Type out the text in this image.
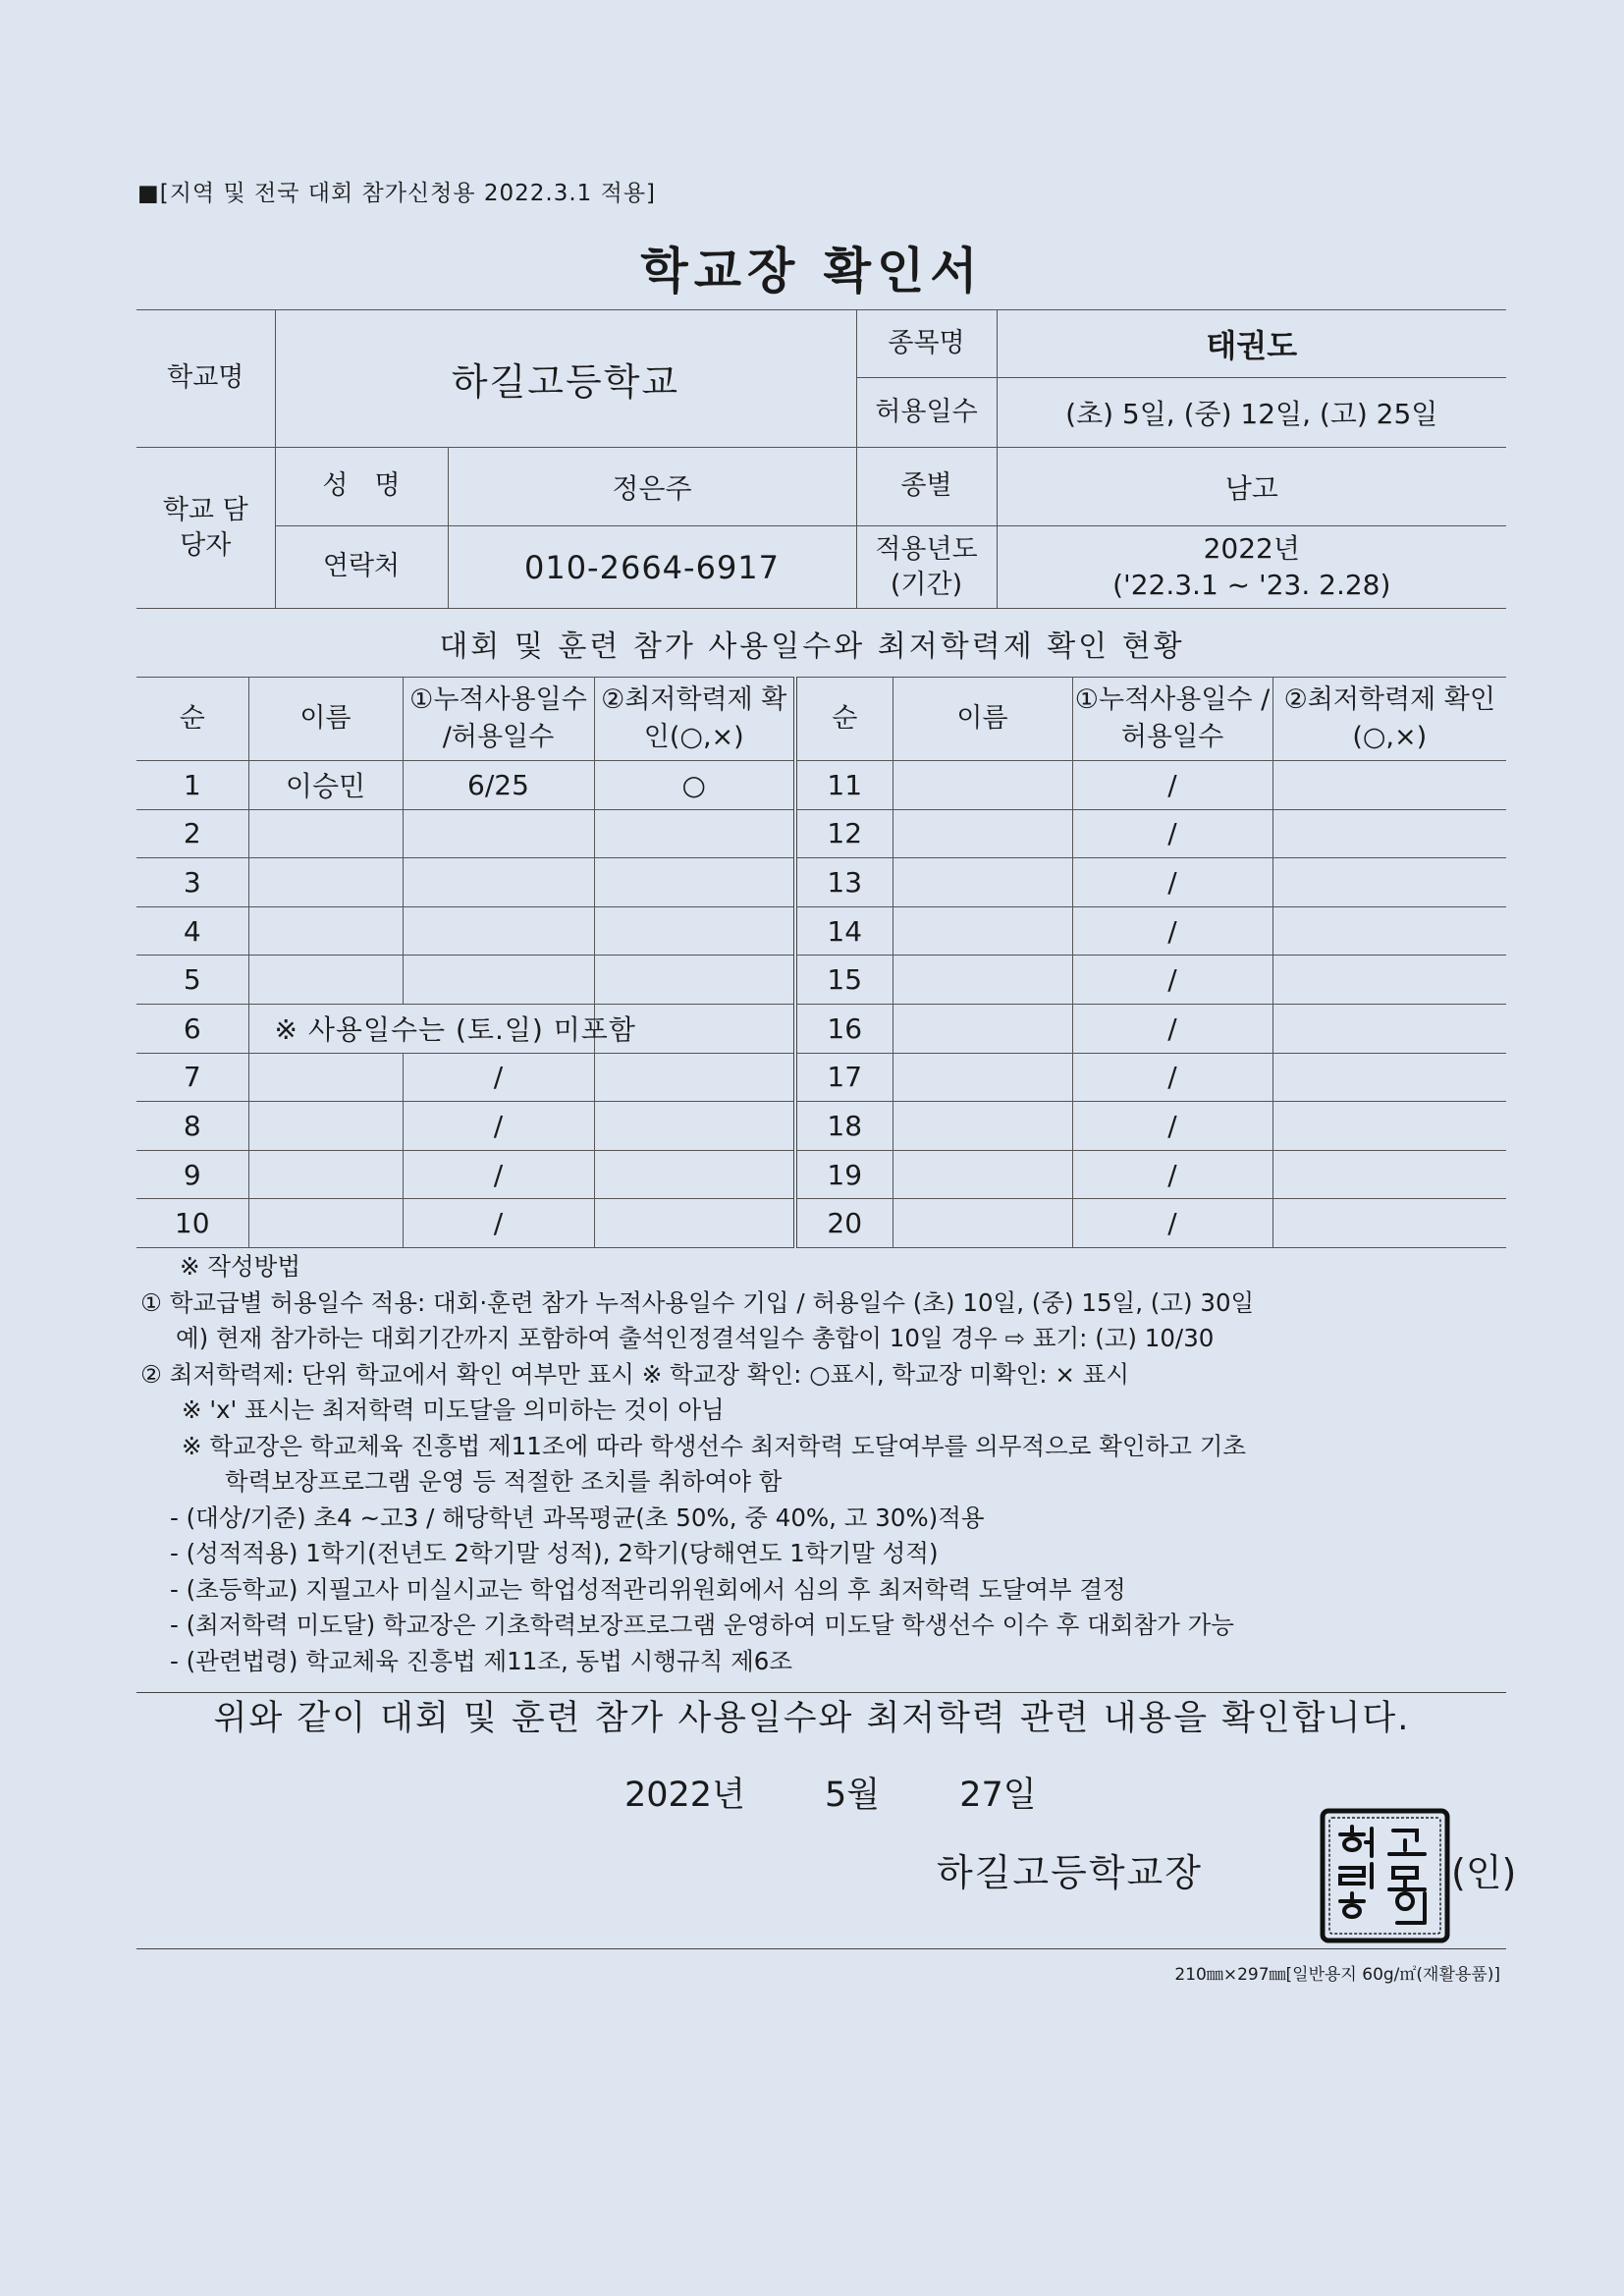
■[지역 및 전국 대회 참가신청용 2022.3.1 적용]
학교장 확인서
학교명	하길고등학교		종목명	태권도
			허용일수	(초) 5일, (중) 12일, (고) 25일
학교 담당자	성　명	정은주	종별	남고
	연락처	010-2664-6917	적용년도 (기간)	2022년
('22.3.1 ~ '23. 2.28)
대회 및 훈련 참가 사용일수와 최저학력제 확인 현황
순	이름	①누적사용일수 /허용일수	②최저학력제 확인(○,×)	순	이름	①누적사용일수 /허용일수	②최저학력제 확인(○,×)
1	이승민	6/25	○	11		/	
2				12		/	
3				13		/	
4				14		/	
5				15		/	
6	※ 사용일수는 (토.일) 미포함			16		/	
7		/		17		/	
8		/		18		/	
9		/		19		/	
10		/		20		/	
※ 작성방법
① 학교급별 허용일수 적용: 대회·훈련 참가 누적사용일수 기입 / 허용일수 (초) 10일, (중) 15일, (고) 30일
예) 현재 참가하는 대회기간까지 포함하여 출석인정결석일수 총합이 10일 경우 ⇨ 표기: (고) 10/30
② 최저학력제: 단위 학교에서 확인 여부만 표시 ※ 학교장 확인: ○표시, 학교장 미확인: × 표시
※ 'x' 표시는 최저학력 미도달을 의미하는 것이 아님
※ 학교장은 학교체육 진흥법 제11조에 따라 학생선수 최저학력 도달여부를 의무적으로 확인하고 기초
학력보장프로그램 운영 등 적절한 조치를 취하여야 함
- (대상/기준) 초4 ~고3 / 해당학년 과목평균(초 50%, 중 40%, 고 30%)적용
- (성적적용) 1학기(전년도 2학기말 성적), 2학기(당해연도 1학기말 성적)
- (초등학교) 지필고사 미실시교는 학업성적관리위원회에서 심의 후 최저학력 도달여부 결정
- (최저학력 미도달) 학교장은 기초학력보장프로그램 운영하여 미도달 학생선수 이수 후 대회참가 가능
- (관련법령) 학교체육 진흥법 제11조, 동법 시행규칙 제6조
위와 같이 대회 및 훈련 참가 사용일수와 최저학력 관련 내용을 확인합니다.
2022년 5월 27일
하길고등학교장	(인)
210㎜×297㎜[일반용지 60g/㎡(재활용품)]
